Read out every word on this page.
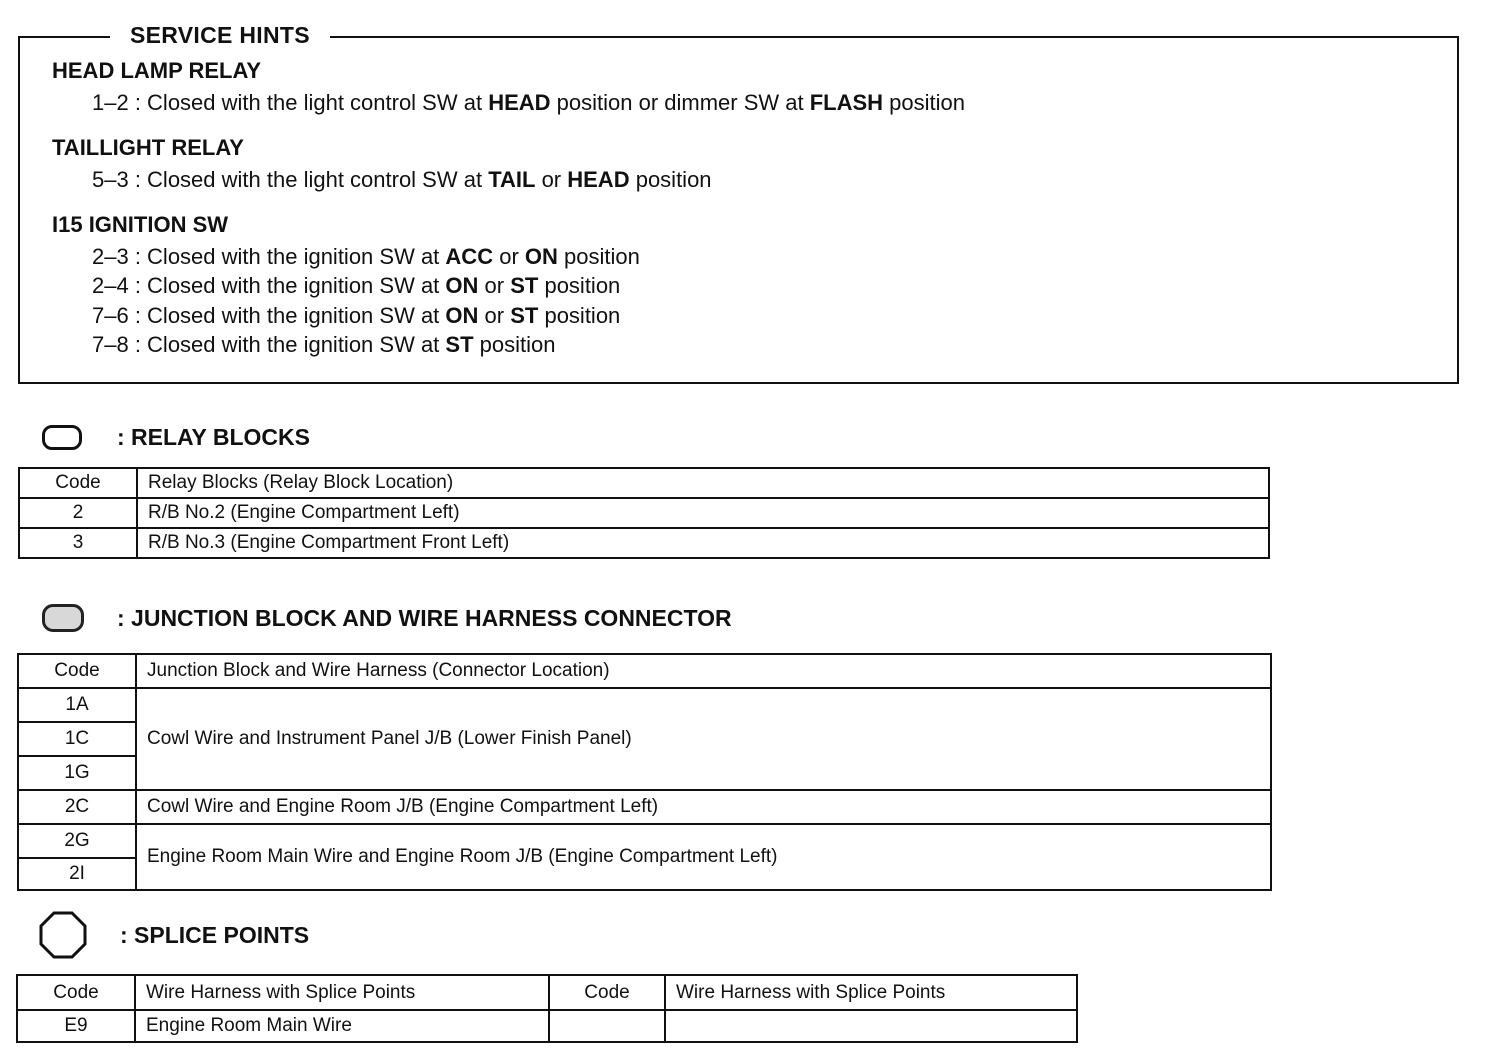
SERVICE HINTS
HEAD LAMP RELAY
1–2 : Closed with the light control SW at HEAD position or dimmer SW at FLASH position
TAILLIGHT RELAY
5–3 : Closed with the light control SW at TAIL or HEAD position
I15 IGNITION SW
2–3 : Closed with the ignition SW at ACC or ON position
2–4 : Closed with the ignition SW at ON or ST position
7–6 : Closed with the ignition SW at ON or ST position
7–8 : Closed with the ignition SW at ST position
: RELAY BLOCKS
Code	Relay Blocks (Relay Block Location)
2	R/B No.2 (Engine Compartment Left)
3	R/B No.3 (Engine Compartment Front Left)
: JUNCTION BLOCK AND WIRE HARNESS CONNECTOR
Code	Junction Block and Wire Harness (Connector Location)
1A	Cowl Wire and Instrument Panel J/B (Lower Finish Panel)
1C	
1G	
2C	Cowl Wire and Engine Room J/B (Engine Compartment Left)
2G	Engine Room Main Wire and Engine Room J/B (Engine Compartment Left)
2I	
: SPLICE POINTS
Code	Wire Harness with Splice Points	Code	Wire Harness with Splice Points
E9	Engine Room Main Wire		
